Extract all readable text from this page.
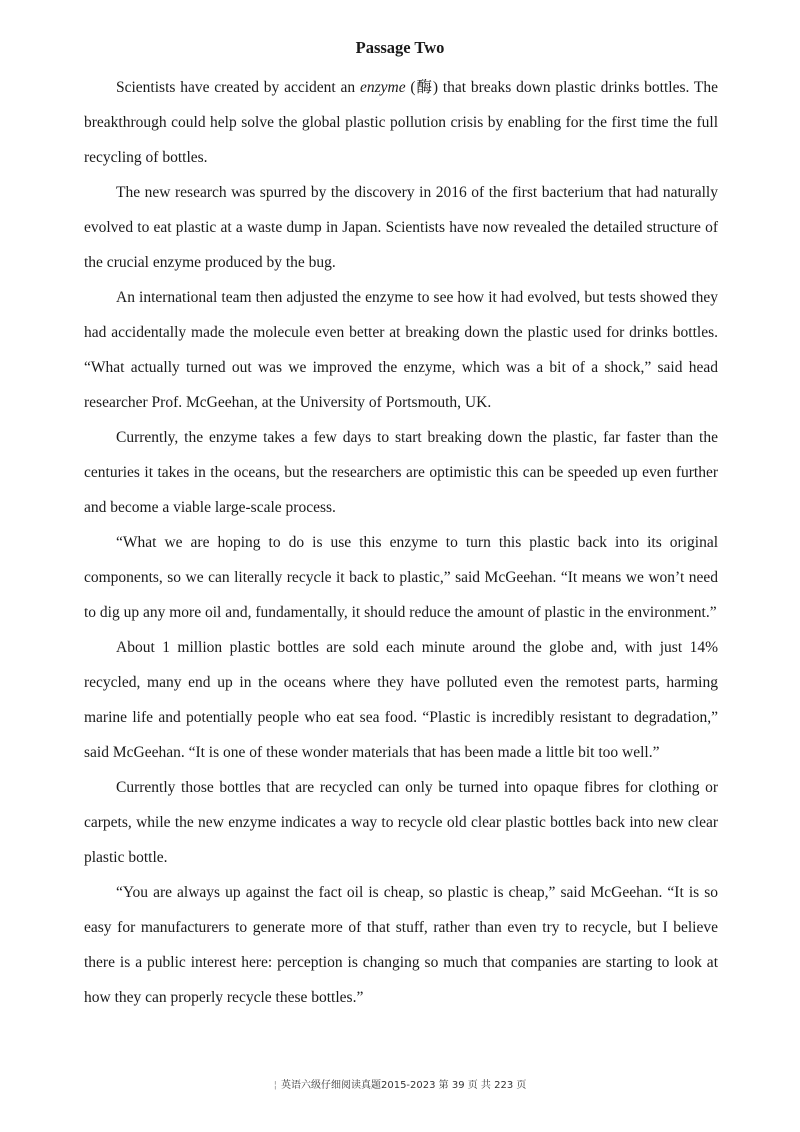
Passage Two

Scientists have created by accident an enzyme (酶) that breaks down plastic drinks bottles. The breakthrough could help solve the global plastic pollution crisis by enabling for the first time the full recycling of bottles.

The new research was spurred by the discovery in 2016 of the first bacterium that had naturally evolved to eat plastic at a waste dump in Japan. Scientists have now revealed the detailed structure of the crucial enzyme produced by the bug.

An international team then adjusted the enzyme to see how it had evolved, but tests showed they had accidentally made the molecule even better at breaking down the plastic used for drinks bottles. “What actually turned out was we improved the enzyme, which was a bit of a shock,” said head researcher Prof. McGeehan, at the University of Portsmouth, UK.

Currently, the enzyme takes a few days to start breaking down the plastic, far faster than the centuries it takes in the oceans, but the researchers are optimistic this can be speeded up even further and become a viable large-scale process.

“What we are hoping to do is use this enzyme to turn this plastic back into its original components, so we can literally recycle it back to plastic,” said McGeehan. “It means we won’t need to dig up any more oil and, fundamentally, it should reduce the amount of plastic in the environment.”

About 1 million plastic bottles are sold each minute around the globe and, with just 14% recycled, many end up in the oceans where they have polluted even the remotest parts, harming marine life and potentially people who eat sea food. “Plastic is incredibly resistant to degradation,” said McGeehan. “It is one of these wonder materials that has been made a little bit too well.”

Currently those bottles that are recycled can only be turned into opaque fibres for clothing or carpets, while the new enzyme indicates a way to recycle old clear plastic bottles back into new clear plastic bottle.

“You are always up against the fact oil is cheap, so plastic is cheap,” said McGeehan. “It is so easy for manufacturers to generate more of that stuff, rather than even try to recycle, but I believe there is a public interest here: perception is changing so much that companies are starting to look at how they can properly recycle these bottles.”

¦ 英语六级仔细阅读真题2015-2023 第 39 页 共 223 页
